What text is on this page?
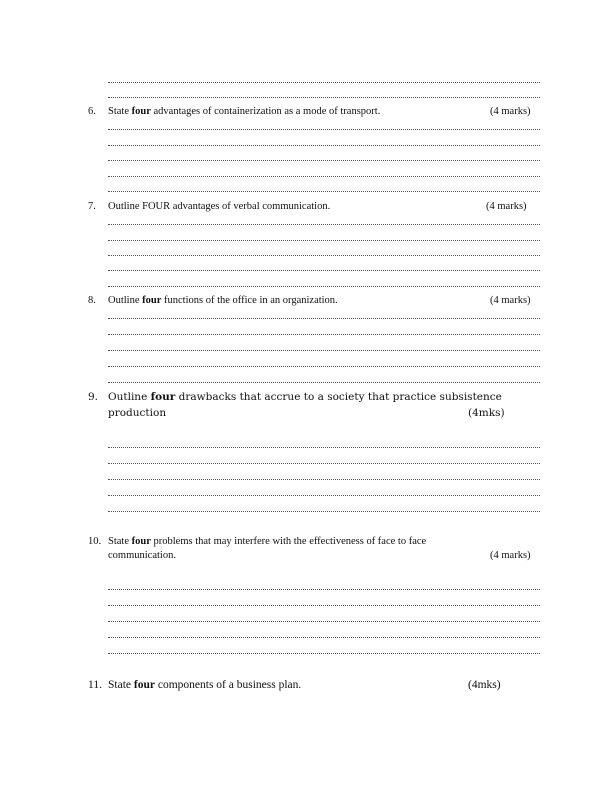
6. State four advantages of containerization as a mode of transport.	(4 marks)
7. Outline FOUR advantages of verbal communication.	(4 marks)
8. Outline four functions of the office in an organization.	(4 marks)
9. Outline four drawbacks that accrue to a society that practice subsistence
production	(4mks)
10. State four problems that may interfere with the effectiveness of face to face
communication.	(4 marks)
11. State four components of a business plan.	(4mks)
